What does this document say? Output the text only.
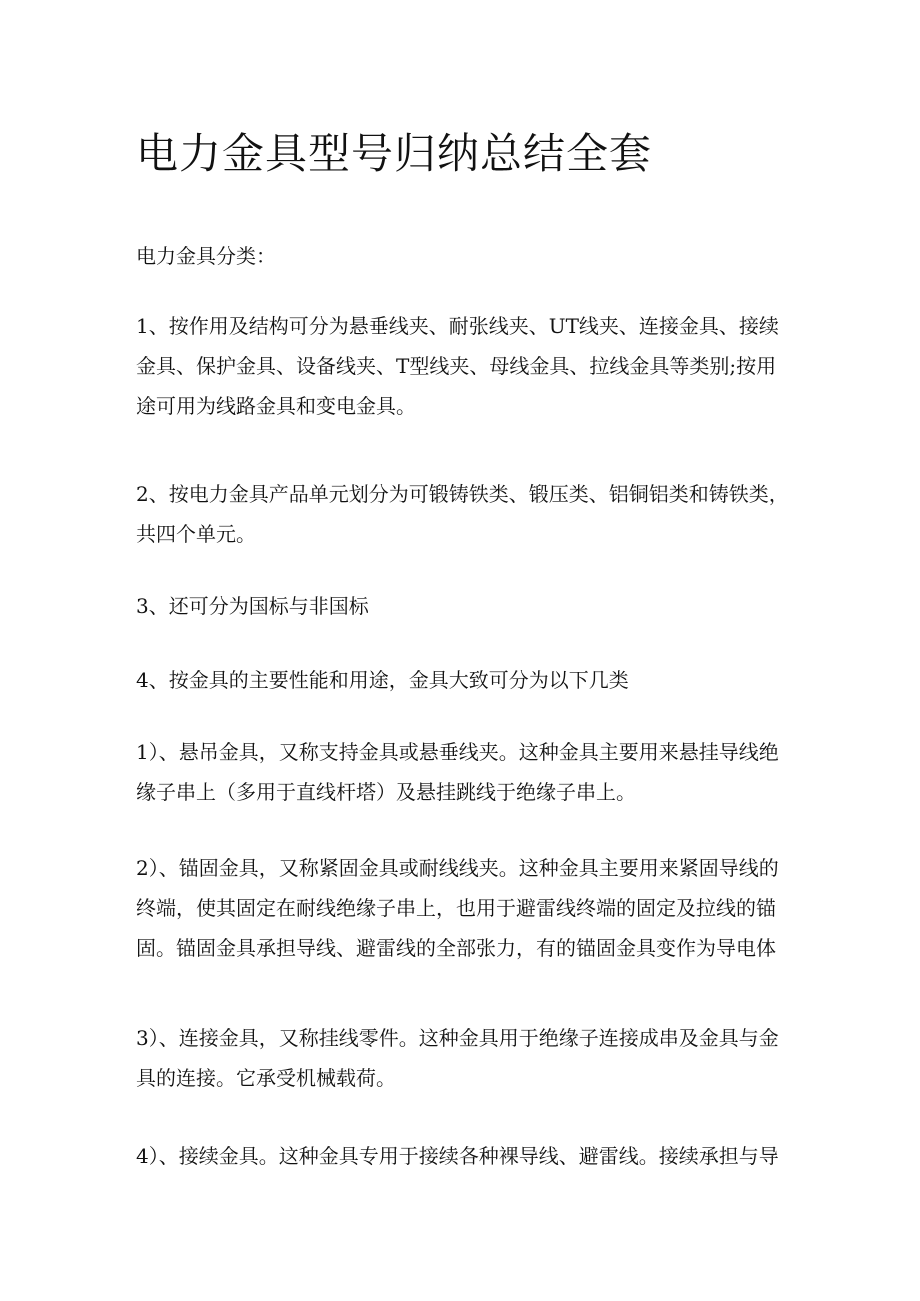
电力金具型号归纳总结全套

电力金具分类：

1、按作用及结构可分为悬垂线夹、耐张线夹、UT线夹、连接金具、接续
金具、保护金具、设备线夹、T型线夹、母线金具、拉线金具等类别;按用
途可用为线路金具和变电金具。

2、按电力金具产品单元划分为可锻铸铁类、锻压类、铝铜铝类和铸铁类，
共四个单元。

3、还可分为国标与非国标

4、按金具的主要性能和用途，金具大致可分为以下几类

1）、悬吊金具，又称支持金具或悬垂线夹。这种金具主要用来悬挂导线绝
缘子串上（多用于直线杆塔）及悬挂跳线于绝缘子串上。

2）、锚固金具，又称紧固金具或耐线线夹。这种金具主要用来紧固导线的
终端，使其固定在耐线绝缘子串上，也用于避雷线终端的固定及拉线的锚
固。锚固金具承担导线、避雷线的全部张力，有的锚固金具变作为导电体

3）、连接金具，又称挂线零件。这种金具用于绝缘子连接成串及金具与金
具的连接。它承受机械载荷。

4）、接续金具。这种金具专用于接续各种裸导线、避雷线。接续承担与导
